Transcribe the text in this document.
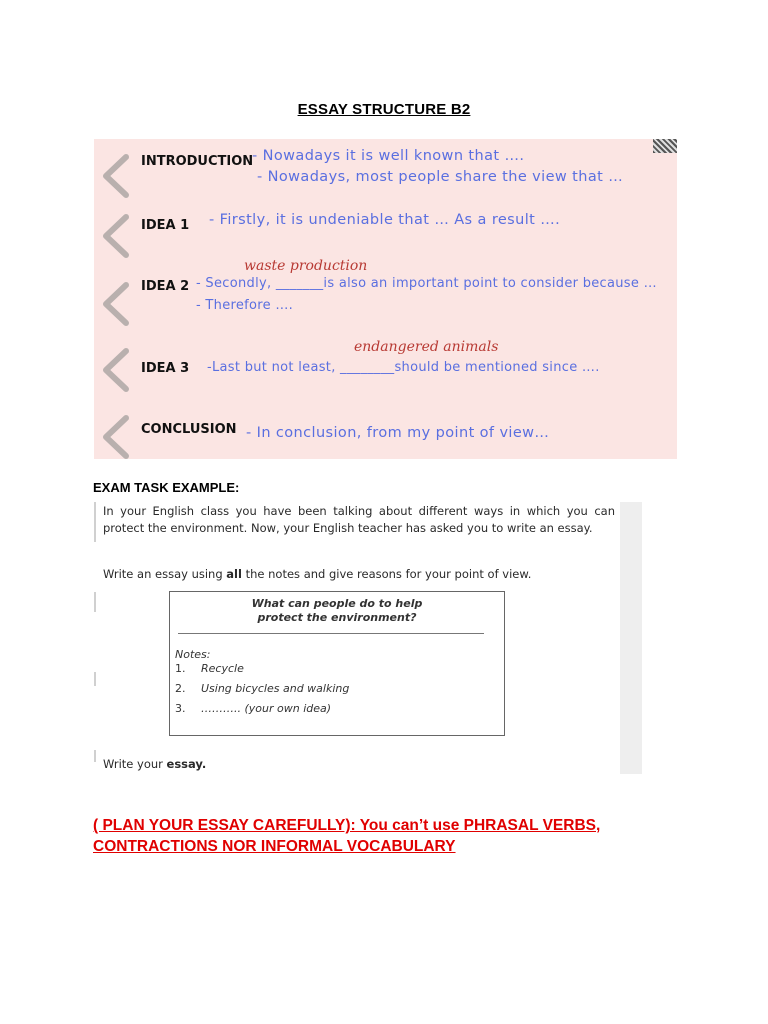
ESSAY STRUCTURE B2
INTRODUCTION
- Nowadays it is well known that ….
- Nowadays, most people share the view that …
IDEA 1 - Firstly, it is undeniable that … As a result ….
waste production
IDEA 2 - Secondly, _______is also an important point to consider because …
- Therefore ….
endangered animals
IDEA 3 -Last but not least, ________should be mentioned since ….
CONCLUSION - In conclusion, from my point of view…
EXAM TASK EXAMPLE:
In your English class you have been talking about different ways in which you can protect the environment. Now, your English teacher has asked you to write an essay.
Write an essay using all the notes and give reasons for your point of view.
What can people do to help
protect the environment?
Notes:
1. Recycle
2. Using bicycles and walking
3. ……….. (your own idea)
Write your essay.
( PLAN YOUR ESSAY CAREFULLY): You can’t use PHRASAL VERBS,
CONTRACTIONS NOR INFORMAL VOCABULARY
